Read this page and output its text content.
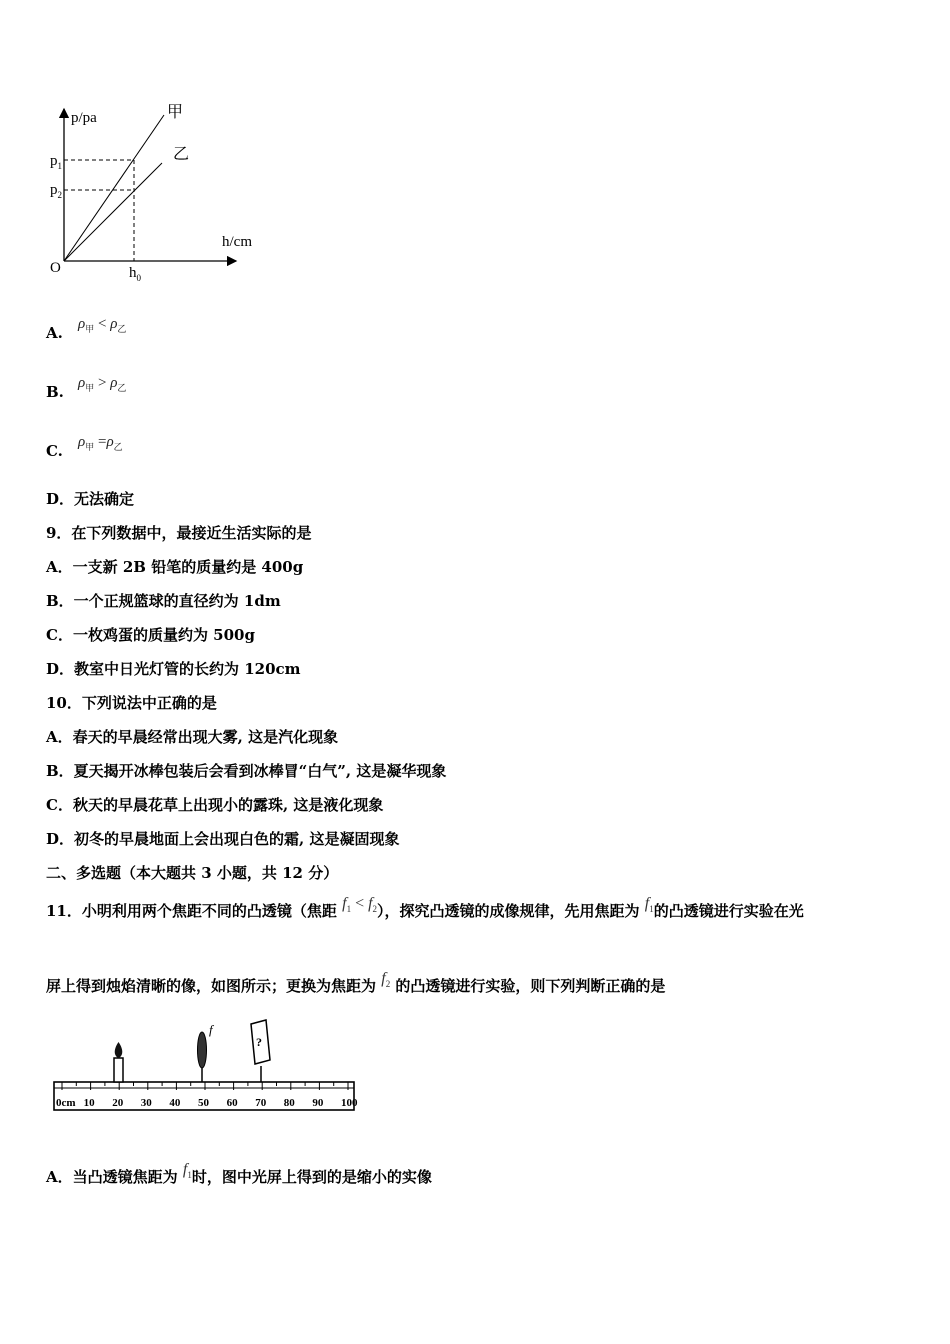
p/pa
h/cm
O
甲
乙
$p_1$
$p_2$
$h_0$
A. $\rho_甲 < \rho_乙$
B. $\rho_甲 > \rho_乙$
C. $\rho_甲 =\rho_乙$
D．无法确定
9．在下列数据中，最接近生活实际的是
A．一支新 2B 铅笔的质量约是 400g
B．一个正规篮球的直径约为 1dm
C．一枚鸡蛋的质量约为 500g
D．教室中日光灯管的长约为 120cm
10．下列说法中正确的是
A．春天的早晨经常出现大雾, 这是汽化现象
B．夏天揭开冰棒包装后会看到冰棒冒“白气”, 这是凝华现象
C．秋天的早晨花草上出现小的露珠, 这是液化现象
D．初冬的早晨地面上会出现白色的霜, 这是凝固现象
二、多选题（本大题共 3 小题，共 12 分）
11．小明利用两个焦距不同的凸透镜（焦距 $f_1 < f_2$），探究凸透镜的成像规律，先用焦距为 $f_1$的凸透镜进行实验在光
屏上得到烛焰清晰的像，如图所示；更换为焦距为 $f_2$ 的凸透镜进行实验，则下列判断正确的是
0cm 10 20 30 40 50 60 70 80 90 100
f
?
A．当凸透镜焦距为 $f_1$时，图中光屏上得到的是缩小的实像
